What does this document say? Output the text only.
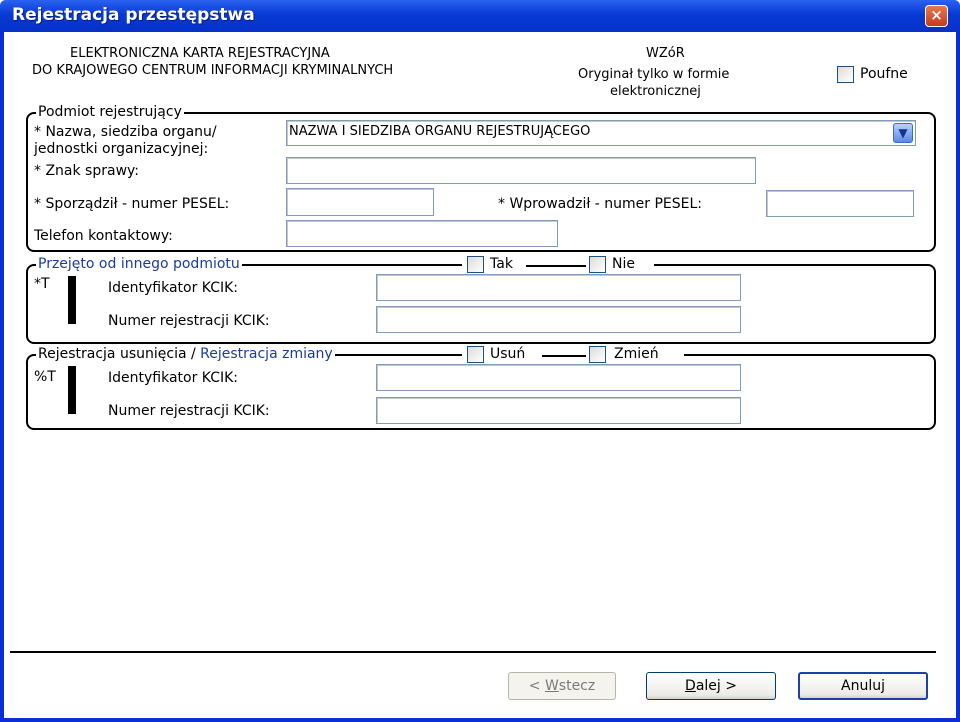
Rejestracja przestępstwa	×
ELEKTRONICZNA KARTA REJESTRACYJNA
DO KRAJOWEGO CENTRUM INFORMACJI KRYMINALNYCH
WZóR
Oryginał tylko w formie
elektronicznej
Poufne
Podmiot rejestrujący
* Nazwa, siedziba organu/
jednostki organizacyjnej:
NAZWA I SIEDZIBA ORGANU REJESTRUJĄCEGO	▼
* Znak sprawy:
* Sporządził - numer PESEL:	* Wprowadził - numer PESEL:
Telefon kontaktowy:
Przejęto od innego podmiotu	Tak	Nie
*T	Identyfikator KCIK:
Numer rejestracji KCIK:
Rejestracja usunięcia / Rejestracja zmiany	Usuń	Zmień
%T	Identyfikator KCIK:
Numer rejestracji KCIK:
< Wstecz	Dalej >	Anuluj
